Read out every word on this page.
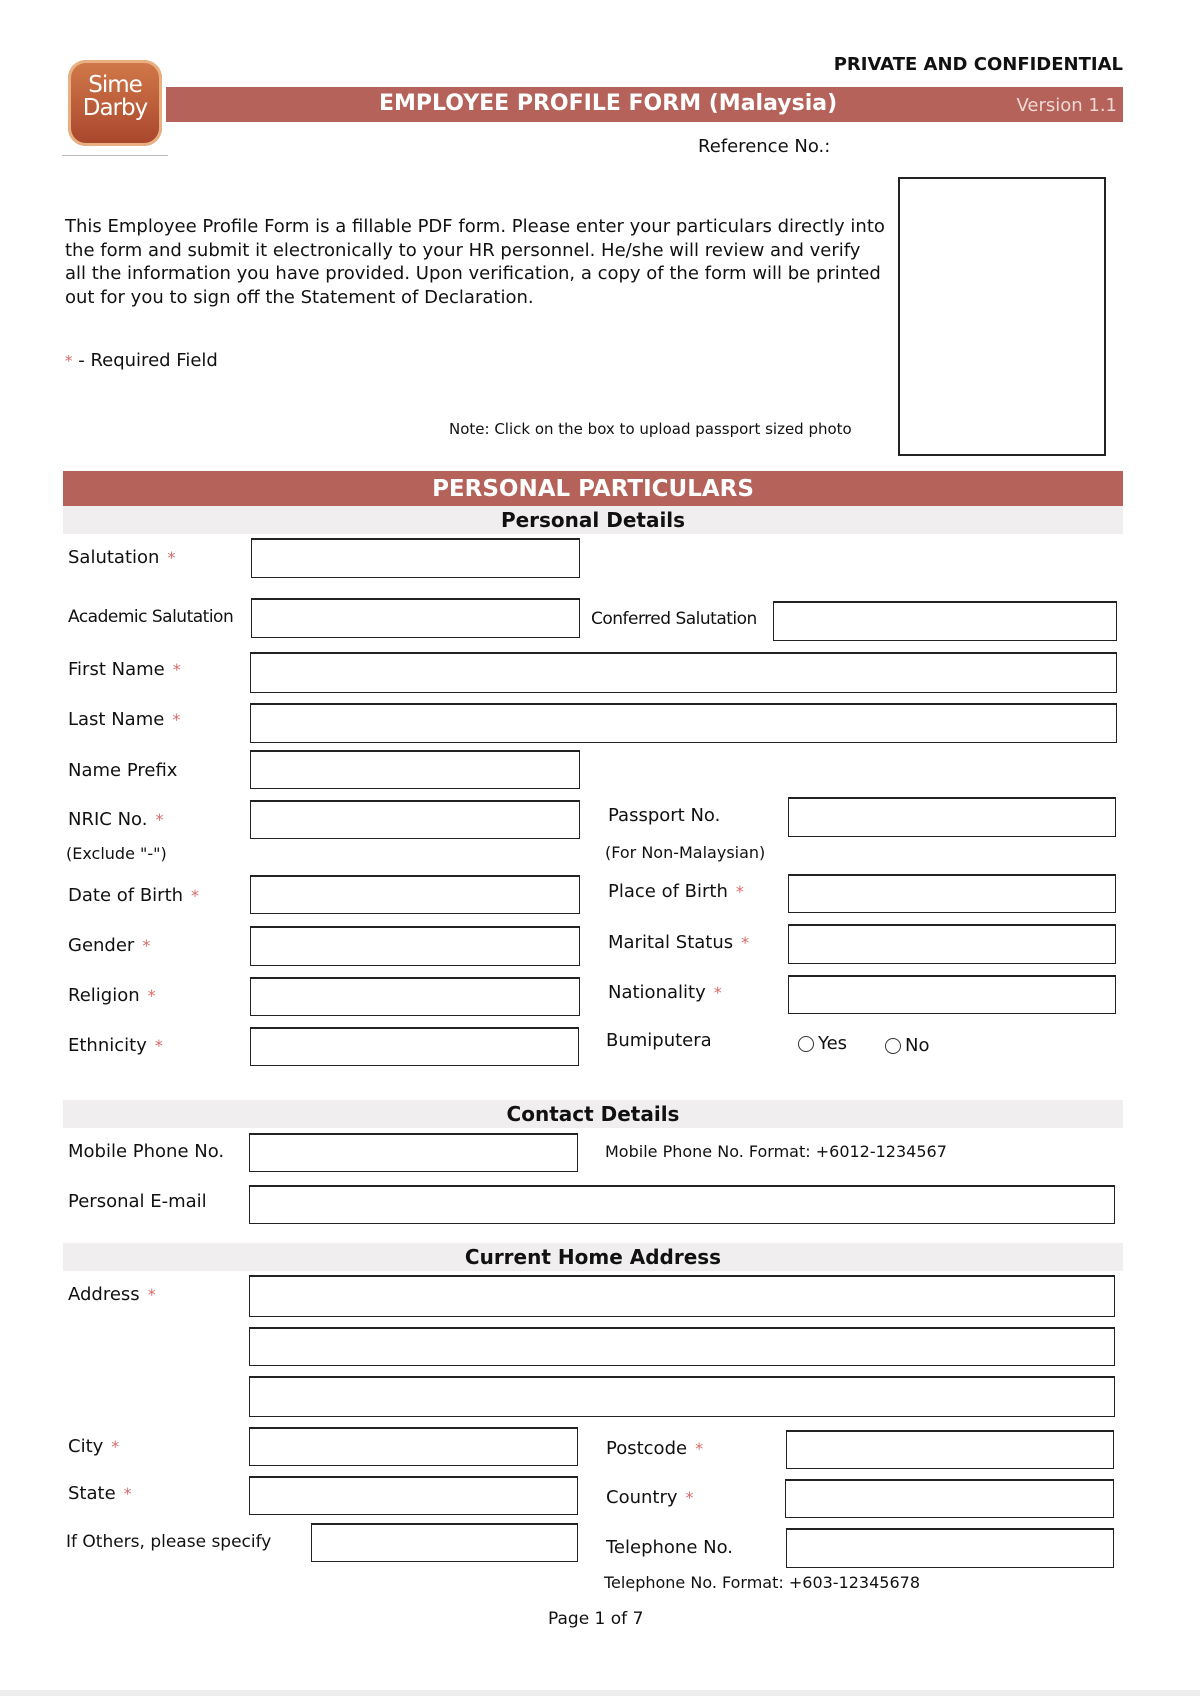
Sime
Darby
PRIVATE AND CONFIDENTIAL
EMPLOYEE PROFILE FORM (Malaysia)	Version 1.1
Reference No.:
This Employee Profile Form is a fillable PDF form. Please enter your particulars directly into the form and submit it electronically to your HR personnel. He/she will review and verify all the information you have provided. Upon verification, a copy of the form will be printed out for you to sign off the Statement of Declaration.
* - Required Field
Note: Click on the box to upload passport sized photo
PERSONAL PARTICULARS
Personal Details
Salutation *
Academic Salutation	Conferred Salutation
First Name *
Last Name *
Name Prefix
NRIC No. *
(Exclude "-")
Passport No.
(For Non-Malaysian)
Date of Birth *	Place of Birth *
Gender *	Marital Status *
Religion *	Nationality *
Ethnicity *	Bumiputera	Yes	No
Contact Details
Mobile Phone No.	Mobile Phone No. Format: +6012-1234567
Personal E-mail
Current Home Address
Address *
City *	Postcode *
State *	Country *
If Others, please specify	Telephone No.
Telephone No. Format: +603-12345678
Page 1 of 7
